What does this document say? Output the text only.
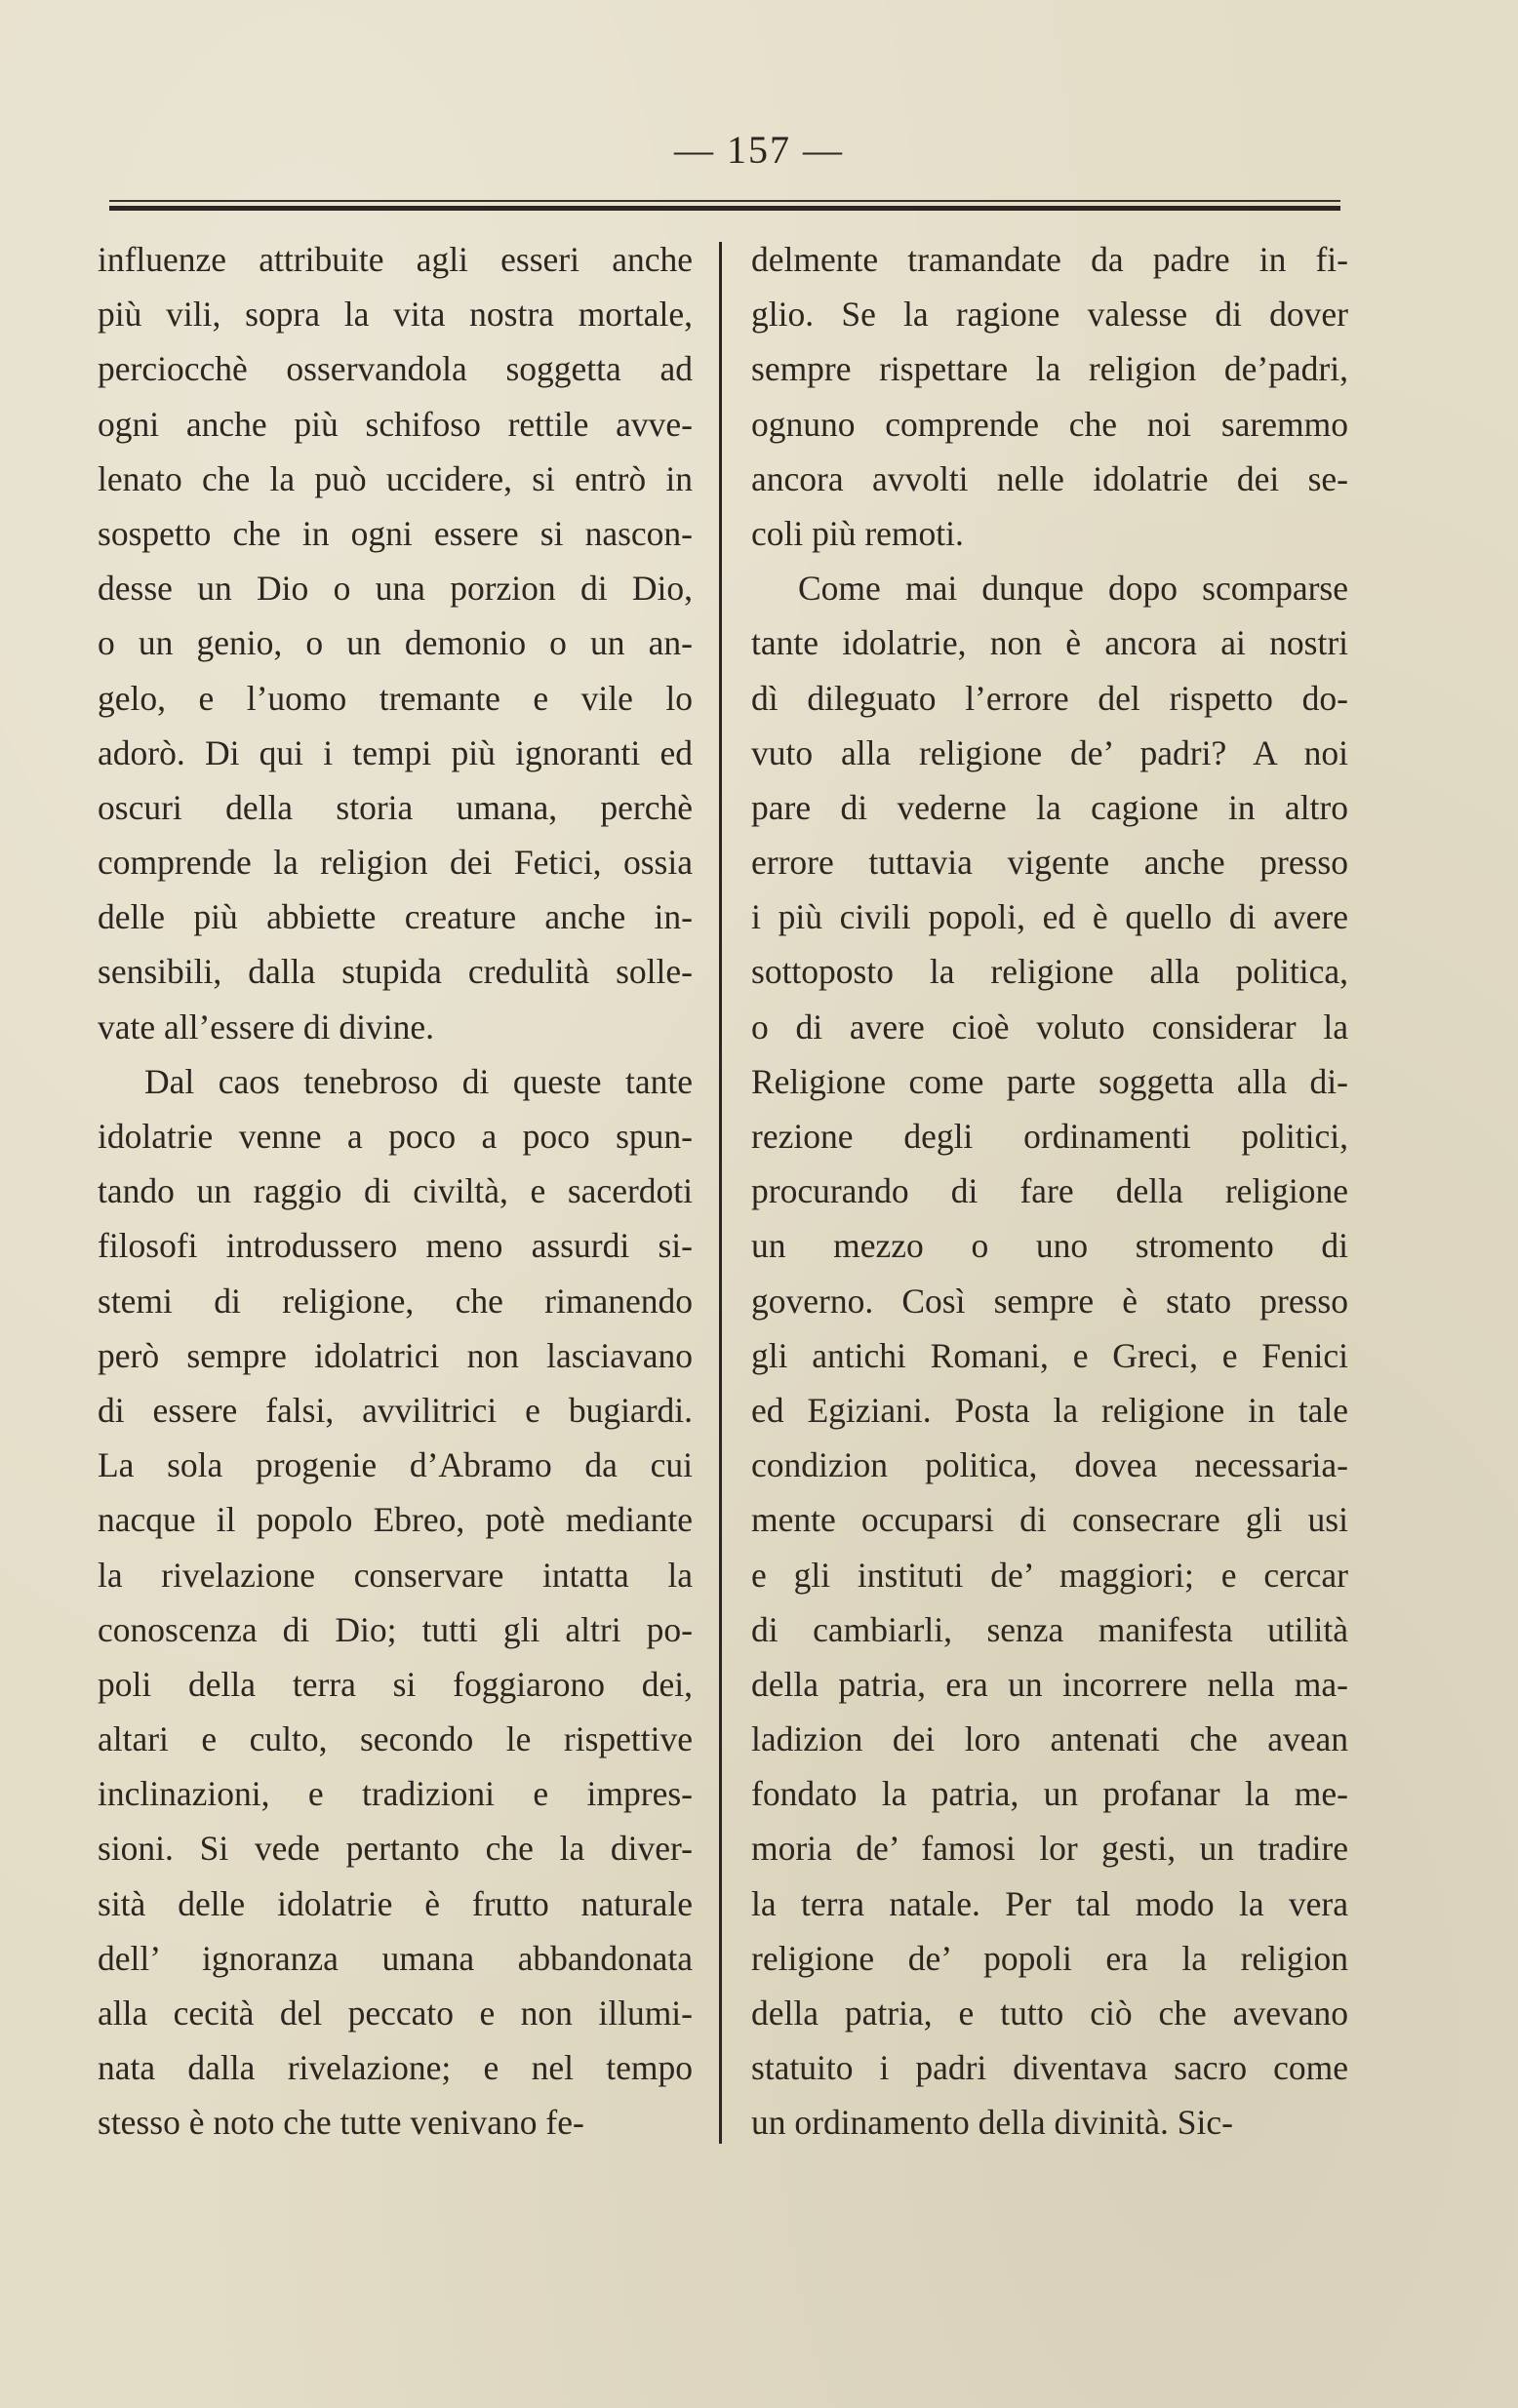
— 157 —
influenze attribuite agli esseri anche
più vili, sopra la vita nostra mortale,
perciocchè osservandola soggetta ad
ogni anche più schifoso rettile avve-
lenato che la può uccidere, si entrò in
sospetto che in ogni essere si nascon-
desse un Dio o una porzion di Dio,
o un genio, o un demonio o un an-
gelo, e l’uomo tremante e vile lo
adorò. Di qui i tempi più ignoranti ed
oscuri della storia umana, perchè
comprende la religion dei Fetici, ossia
delle più abbiette creature anche in-
sensibili, dalla stupida credulità solle-
vate all’essere di divine.
Dal caos tenebroso di queste tante
idolatrie venne a poco a poco spun-
tando un raggio di civiltà, e sacerdoti
filosofi introdussero meno assurdi si-
stemi di religione, che rimanendo
però sempre idolatrici non lasciavano
di essere falsi, avvilitrici e bugiardi.
La sola progenie d’Abramo da cui
nacque il popolo Ebreo, potè mediante
la rivelazione conservare intatta la
conoscenza di Dio; tutti gli altri po-
poli della terra si foggiarono dei,
altari e culto, secondo le rispettive
inclinazioni, e tradizioni e impres-
sioni. Si vede pertanto che la diver-
sità delle idolatrie è frutto naturale
dell’ ignoranza umana abbandonata
alla cecità del peccato e non illumi-
nata dalla rivelazione; e nel tempo
stesso è noto che tutte venivano fe-
delmente tramandate da padre in fi-
glio. Se la ragione valesse di dover
sempre rispettare la religion de’padri,
ognuno comprende che noi saremmo
ancora avvolti nelle idolatrie dei se-
coli più remoti.
Come mai dunque dopo scomparse
tante idolatrie, non è ancora ai nostri
dì dileguato l’errore del rispetto do-
vuto alla religione de’ padri? A noi
pare di vederne la cagione in altro
errore tuttavia vigente anche presso
i più civili popoli, ed è quello di avere
sottoposto la religione alla politica,
o di avere cioè voluto considerar la
Religione come parte soggetta alla di-
rezione degli ordinamenti politici,
procurando di fare della religione
un mezzo o uno stromento di
governo. Così sempre è stato presso
gli antichi Romani, e Greci, e Fenici
ed Egiziani. Posta la religione in tale
condizion politica, dovea necessaria-
mente occuparsi di consecrare gli usi
e gli instituti de’ maggiori; e cercar
di cambiarli, senza manifesta utilità
della patria, era un incorrere nella ma-
ladizion dei loro antenati che avean
fondato la patria, un profanar la me-
moria de’ famosi lor gesti, un tradire
la terra natale. Per tal modo la vera
religione de’ popoli era la religion
della patria, e tutto ciò che avevano
statuito i padri diventava sacro come
un ordinamento della divinità. Sic-
